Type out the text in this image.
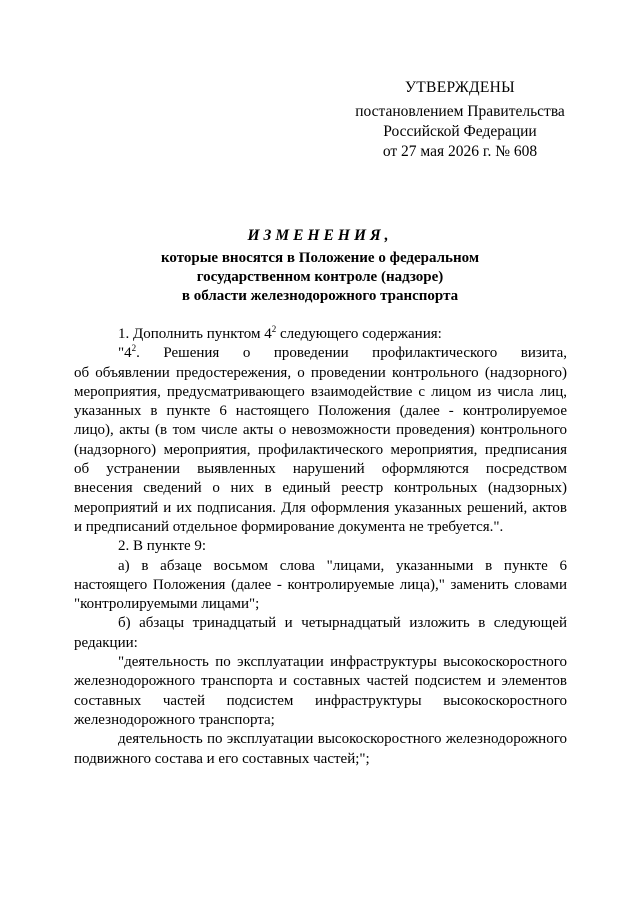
УТВЕРЖДЕНЫ
постановлением Правительства
Российской Федерации
от 27 мая 2026 г. № 608
ИЗМЕНЕНИЯ,
которые вносятся в Положение о федеральном
государственном контроле (надзоре)
в области железнодорожного транспорта
1. Дополнить пунктом $4^2$ следующего содержания:
"$4^2$. Решения о проведении профилактического визита,
об объявлении предостережения, о проведении контрольного (надзорного)
мероприятия, предусматривающего взаимодействие с лицом из числа лиц,
указанных в пункте 6 настоящего Положения (далее - контролируемое
лицо), акты (в том числе акты о невозможности проведения) контрольного
(надзорного) мероприятия, профилактического мероприятия, предписания
об устранении выявленных нарушений оформляются посредством
внесения сведений о них в единый реестр контрольных (надзорных)
мероприятий и их подписания. Для оформления указанных решений, актов
и предписаний отдельное формирование документа не требуется.".
2. В пункте 9:
а) в абзаце восьмом слова "лицами, указанными в пункте 6
настоящего Положения (далее - контролируемые лица)," заменить словами
"контролируемыми лицами";
б) абзацы тринадцатый и четырнадцатый изложить в следующей
редакции:
"деятельность по эксплуатации инфраструктуры высокоскоростного
железнодорожного транспорта и составных частей подсистем и элементов
составных частей подсистем инфраструктуры высокоскоростного
железнодорожного транспорта;
деятельность по эксплуатации высокоскоростного железнодорожного
подвижного состава и его составных частей;";
